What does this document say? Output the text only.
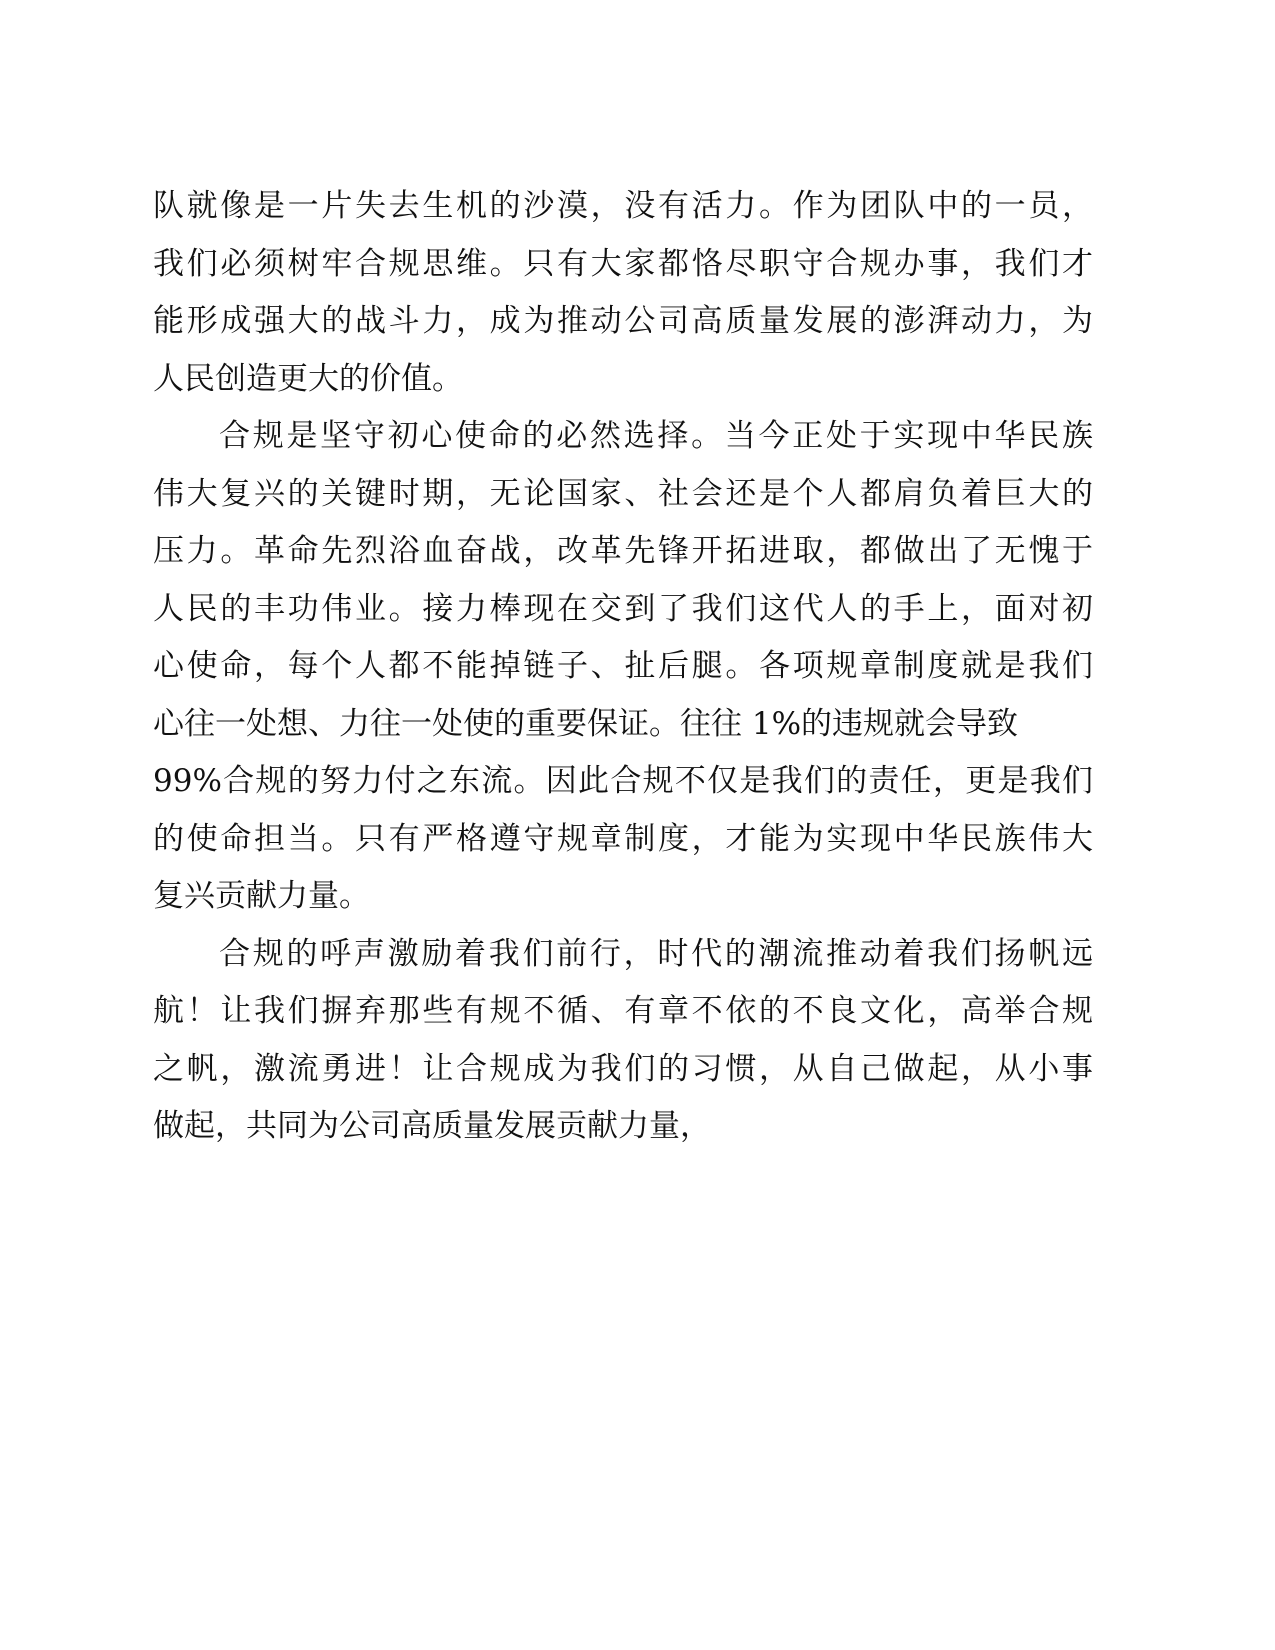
队就像是一片失去生机的沙漠，没有活力。作为团队中的一员，
我们必须树牢合规思维。只有大家都恪尽职守合规办事，我们才
能形成强大的战斗力，成为推动公司高质量发展的澎湃动力，为
人民创造更大的价值。
合规是坚守初心使命的必然选择。当今正处于实现中华民族
伟大复兴的关键时期，无论国家、社会还是个人都肩负着巨大的
压力。革命先烈浴血奋战，改革先锋开拓进取，都做出了无愧于
人民的丰功伟业。接力棒现在交到了我们这代人的手上，面对初
心使命，每个人都不能掉链子、扯后腿。各项规章制度就是我们
心往一处想、力往一处使的重要保证。往往 1%的违规就会导致
99%合规的努力付之东流。因此合规不仅是我们的责任，更是我们
的使命担当。只有严格遵守规章制度，才能为实现中华民族伟大
复兴贡献力量。
合规的呼声激励着我们前行，时代的潮流推动着我们扬帆远
航！让我们摒弃那些有规不循、有章不依的不良文化，高举合规
之帆，激流勇进！让合规成为我们的习惯，从自己做起，从小事
做起，共同为公司高质量发展贡献力量，
